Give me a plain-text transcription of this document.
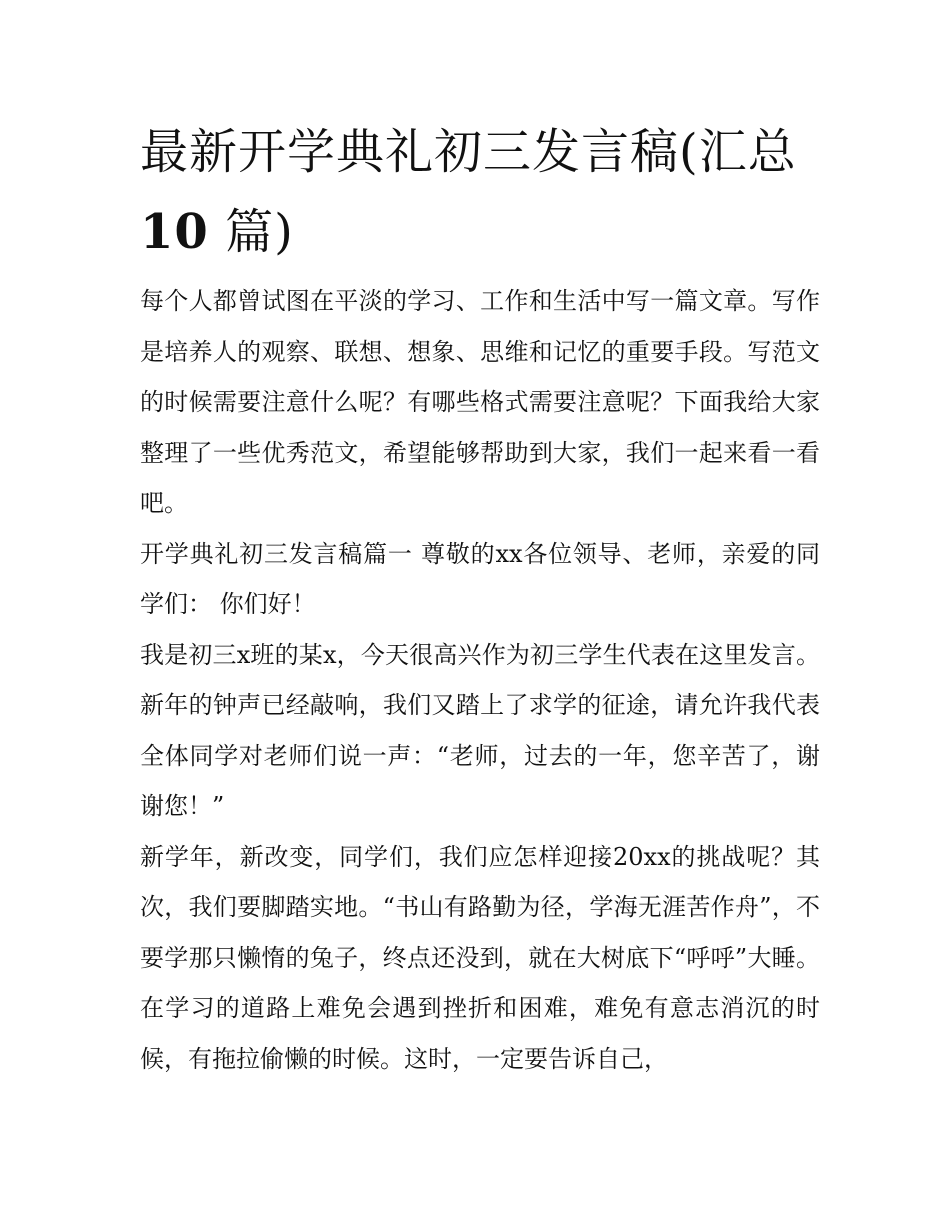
最新开学典礼初三发言稿(汇总
10 篇)

每个人都曾试图在平淡的学习、工作和生活中写一篇文章。写作是培养人的观察、联想、想象、思维和记忆的重要手段。写范文的时候需要注意什么呢？有哪些格式需要注意呢？下面我给大家整理了一些优秀范文，希望能够帮助到大家，我们一起来看一看吧。

开学典礼初三发言稿篇一 尊敬的xx各位领导、老师，亲爱的同学们： 你们好！

我是初三x班的某x，今天很高兴作为初三学生代表在这里发言。新年的钟声已经敲响，我们又踏上了求学的征途，请允许我代表全体同学对老师们说一声：“老师，过去的一年，您辛苦了，谢谢您！”

新学年，新改变，同学们，我们应怎样迎接20xx的挑战呢？其次，我们要脚踏实地。“书山有路勤为径，学海无涯苦作舟”，不要学那只懒惰的兔子，终点还没到，就在大树底下“呼呼”大睡。在学习的道路上难免会遇到挫折和困难，难免有意志消沉的时候，有拖拉偷懒的时候。这时，一定要告诉自己，
